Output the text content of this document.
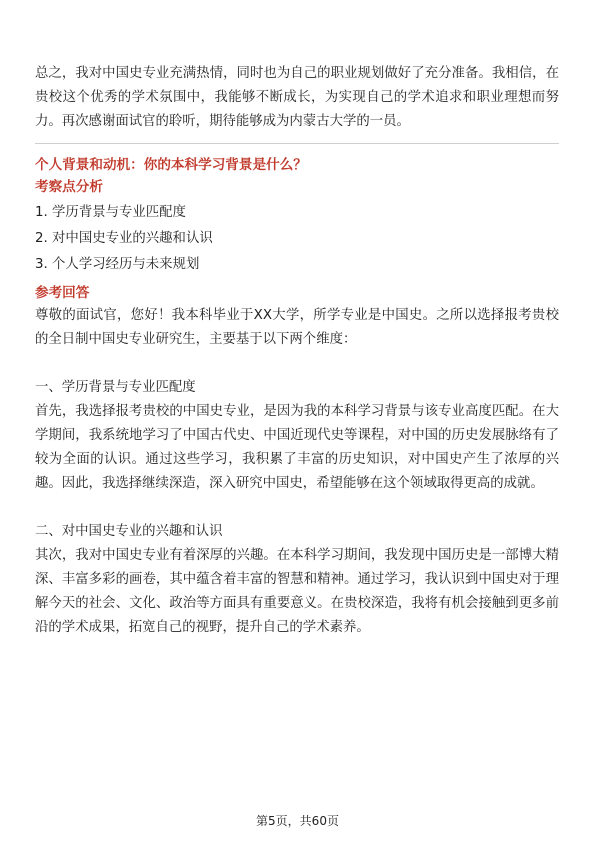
总之，我对中国史专业充满热情，同时也为自己的职业规划做好了充分准备。我相信，在贵校这个优秀的学术氛围中，我能够不断成长，为实现自己的学术追求和职业理想而努力。再次感谢面试官的聆听，期待能够成为内蒙古大学的一员。

个人背景和动机：你的本科学习背景是什么？
考察点分析
1. 学历背景与专业匹配度
2. 对中国史专业的兴趣和认识
3. 个人学习经历与未来规划
参考回答

尊敬的面试官，您好！我本科毕业于XX大学，所学专业是中国史。之所以选择报考贵校的全日制中国史专业研究生，主要基于以下两个维度：

一、学历背景与专业匹配度

首先，我选择报考贵校的中国史专业，是因为我的本科学习背景与该专业高度匹配。在大学期间，我系统地学习了中国古代史、中国近现代史等课程，对中国的历史发展脉络有了较为全面的认识。通过这些学习，我积累了丰富的历史知识，对中国史产生了浓厚的兴趣。因此，我选择继续深造，深入研究中国史，希望能够在这个领域取得更高的成就。

二、对中国史专业的兴趣和认识

其次，我对中国史专业有着深厚的兴趣。在本科学习期间，我发现中国历史是一部博大精深、丰富多彩的画卷，其中蕴含着丰富的智慧和精神。通过学习，我认识到中国史对于理解今天的社会、文化、政治等方面具有重要意义。在贵校深造，我将有机会接触到更多前沿的学术成果，拓宽自己的视野，提升自己的学术素养。

第5页，共60页
